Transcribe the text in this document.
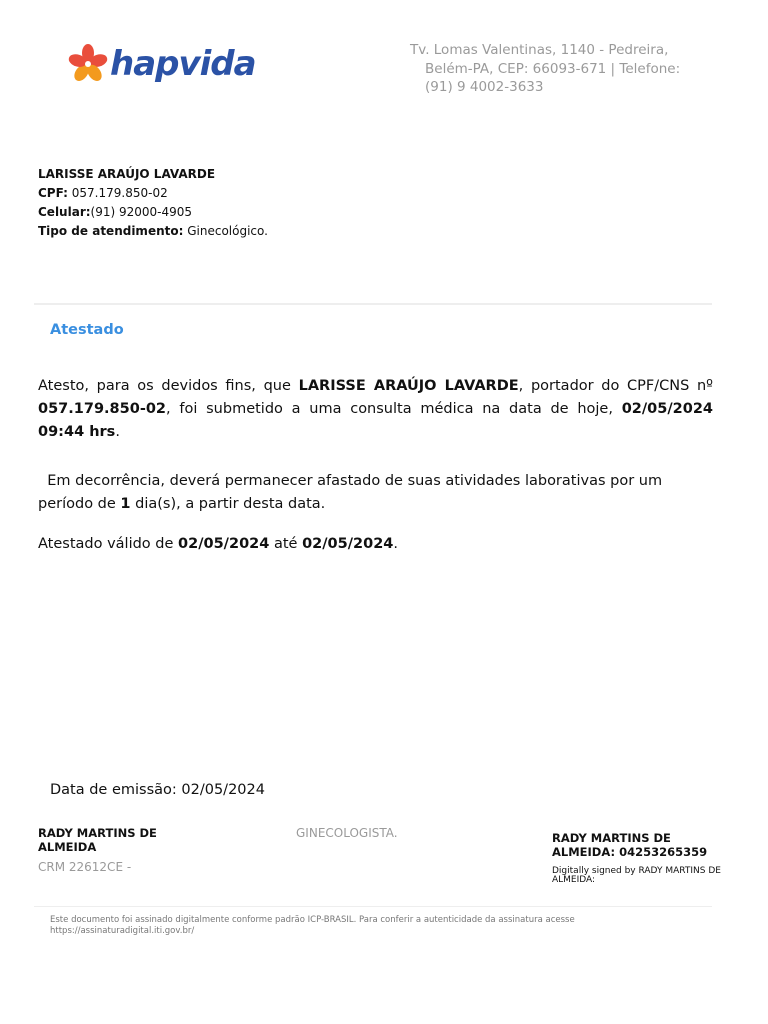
hapvida	Tv. Lomas Valentinas, 1140 - Pedreira,
Belém-PA, CEP: 66093-671 | Telefone:
(91) 9 4002-3633
LARISSE ARAÚJO LAVARDE
CPF: 057.179.850-02
Celular:(91) 92000-4905
Tipo de atendimento: Ginecológico.
Atestado
Atesto, para os devidos fins, que LARISSE ARAÚJO LAVARDE, portador do CPF/CNS nº 057.179.850-02, foi submetido a uma consulta médica na data de hoje, 02/05/2024 09:44 hrs.
Em decorrência, deverá permanecer afastado de suas atividades laborativas por um período de 1 dia(s), a partir desta data.
Atestado válido de 02/05/2024 até 02/05/2024.
Data de emissão: 02/05/2024
RADY MARTINS DE ALMEIDA
CRM 22612CE -
GINECOLOGISTA.	RADY MARTINS DE ALMEIDA: 04253265359
Digitally signed by RADY MARTINS DE ALMEIDA:
Este documento foi assinado digitalmente conforme padrão ICP-BRASIL. Para conferir a autenticidade da assinatura acesse https://assinaturadigital.iti.gov.br/
